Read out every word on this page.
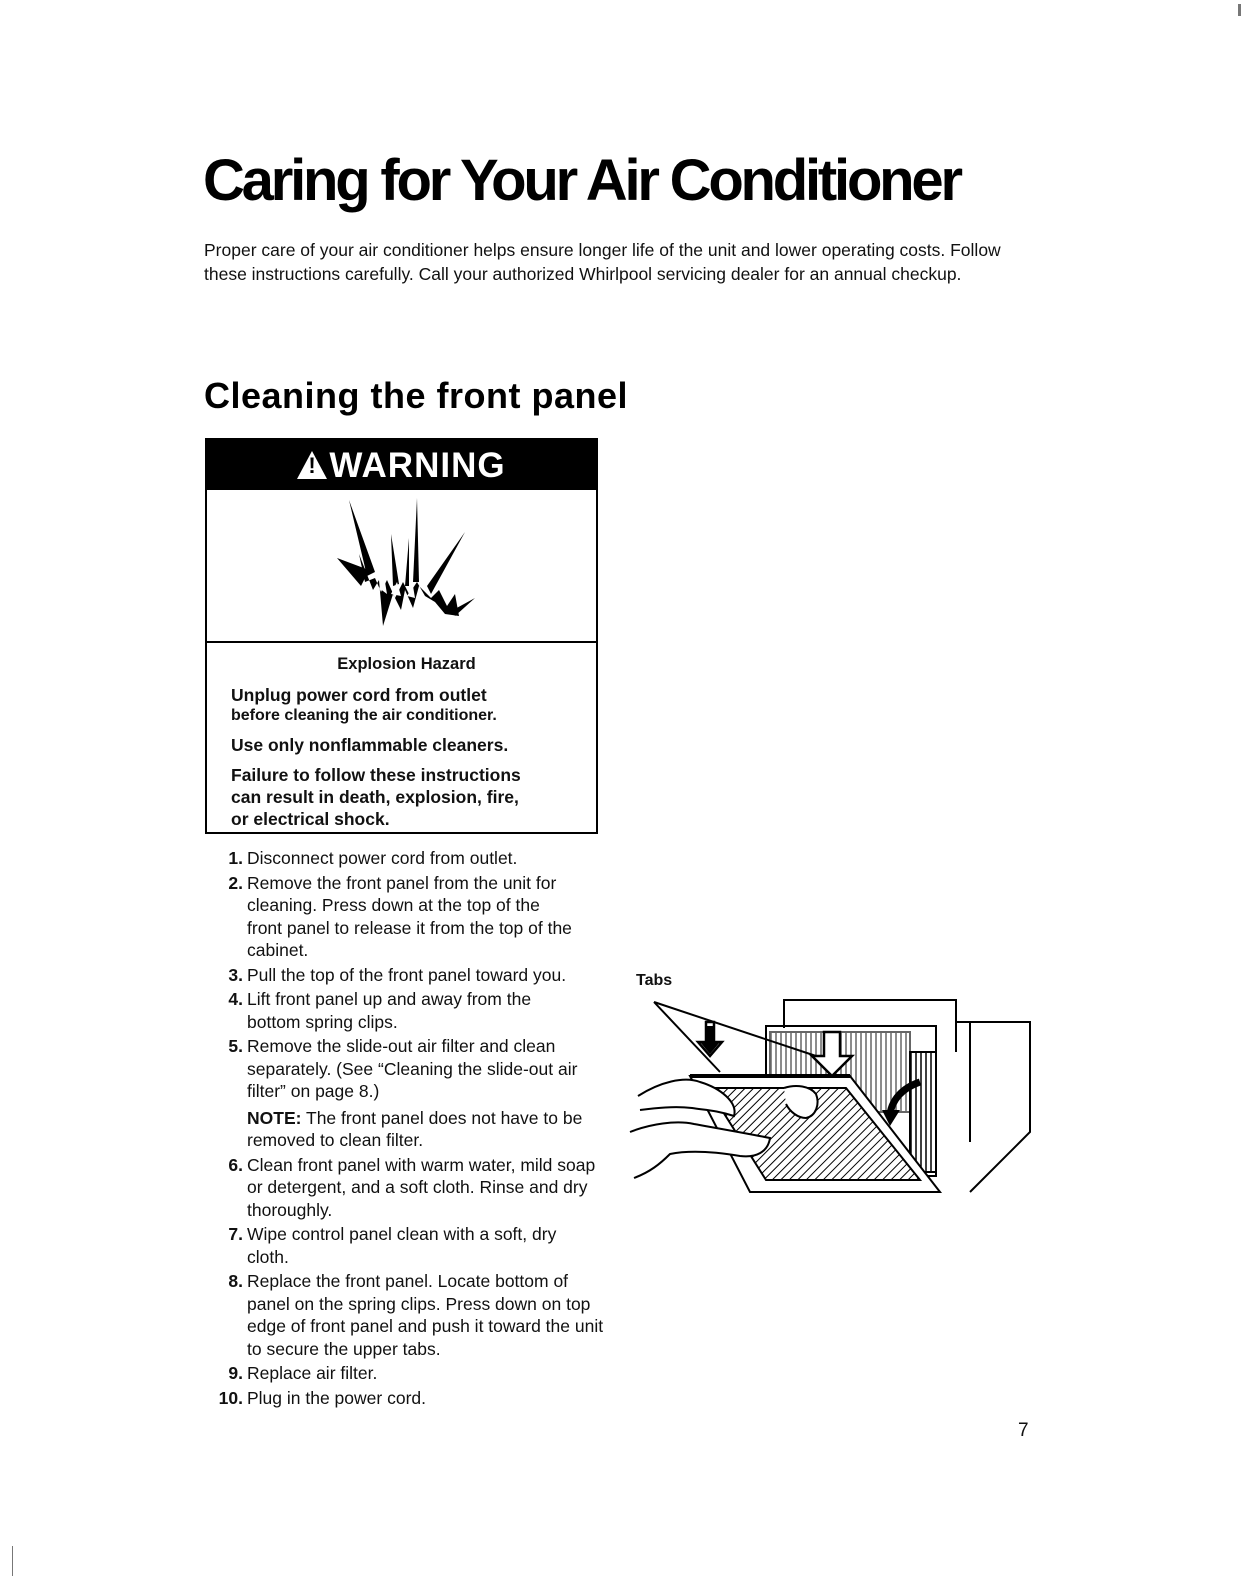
Caring for Your Air Conditioner

Proper care of your air conditioner helps ensure longer life of the unit and lower operating costs. Follow these instructions carefully. Call your authorized Whirlpool servicing dealer for an annual checkup.

Cleaning the front panel
!WARNING

Explosion Hazard

Unplug power cord from outlet

before cleaning the air conditioner.

Use only nonflammable cleaners.

Failure to follow these instructions

can result in death, explosion, fire,

or electrical shock.

1. Disconnect power cord from outlet.

2. Remove the front panel from the unit for cleaning. Press down at the top of the front panel to release it from the top of the cabinet.

3. Pull the top of the front panel toward you.

4. Lift front panel up and away from the bottom spring clips.

5. Remove the slide-out air filter and clean separately. (See “Cleaning the slide-out air filter” on page 8.)

NOTE: The front panel does not have to be removed to clean filter.

6. Clean front panel with warm water, mild soap or detergent, and a soft cloth. Rinse and dry thoroughly.

7. Wipe control panel clean with a soft, dry cloth.

8. Replace the front panel. Locate bottom of panel on the spring clips. Press down on top edge of front panel and push it toward the unit to secure the upper tabs.

9. Replace air filter.

10. Plug in the power cord.

Tabs

7
